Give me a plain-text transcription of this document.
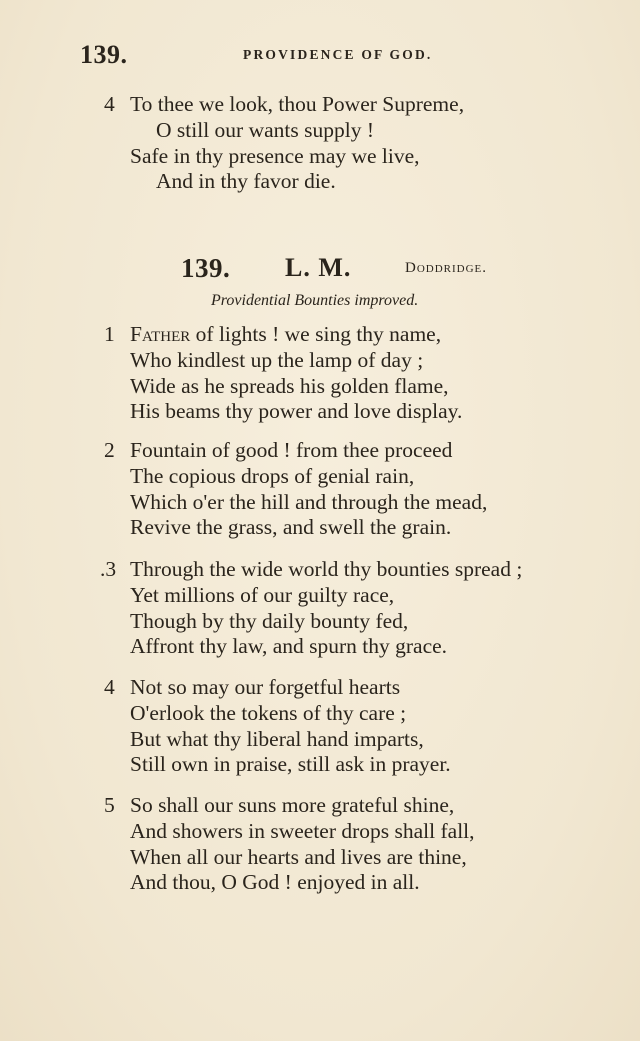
139.	PROVIDENCE OF GOD.
4 To thee we look, thou Power Supreme,
O still our wants supply !
Safe in thy presence may we live,
And in thy favor die.
139. L. M.	Doddridge.
Providential Bounties improved.
1 Father of lights ! we sing thy name,
Who kindlest up the lamp of day ;
Wide as he spreads his golden flame,
His beams thy power and love display.
2 Fountain of good ! from thee proceed
The copious drops of genial rain,
Which o'er the hill and through the mead,
Revive the grass, and swell the grain.
.3 Through the wide world thy bounties spread ;
Yet millions of our guilty race,
Though by thy daily bounty fed,
Affront thy law, and spurn thy grace.
4 Not so may our forgetful hearts
O'erlook the tokens of thy care ;
But what thy liberal hand imparts,
Still own in praise, still ask in prayer.
5 So shall our suns more grateful shine,
And showers in sweeter drops shall fall,
When all our hearts and lives are thine,
And thou, O God ! enjoyed in all.
